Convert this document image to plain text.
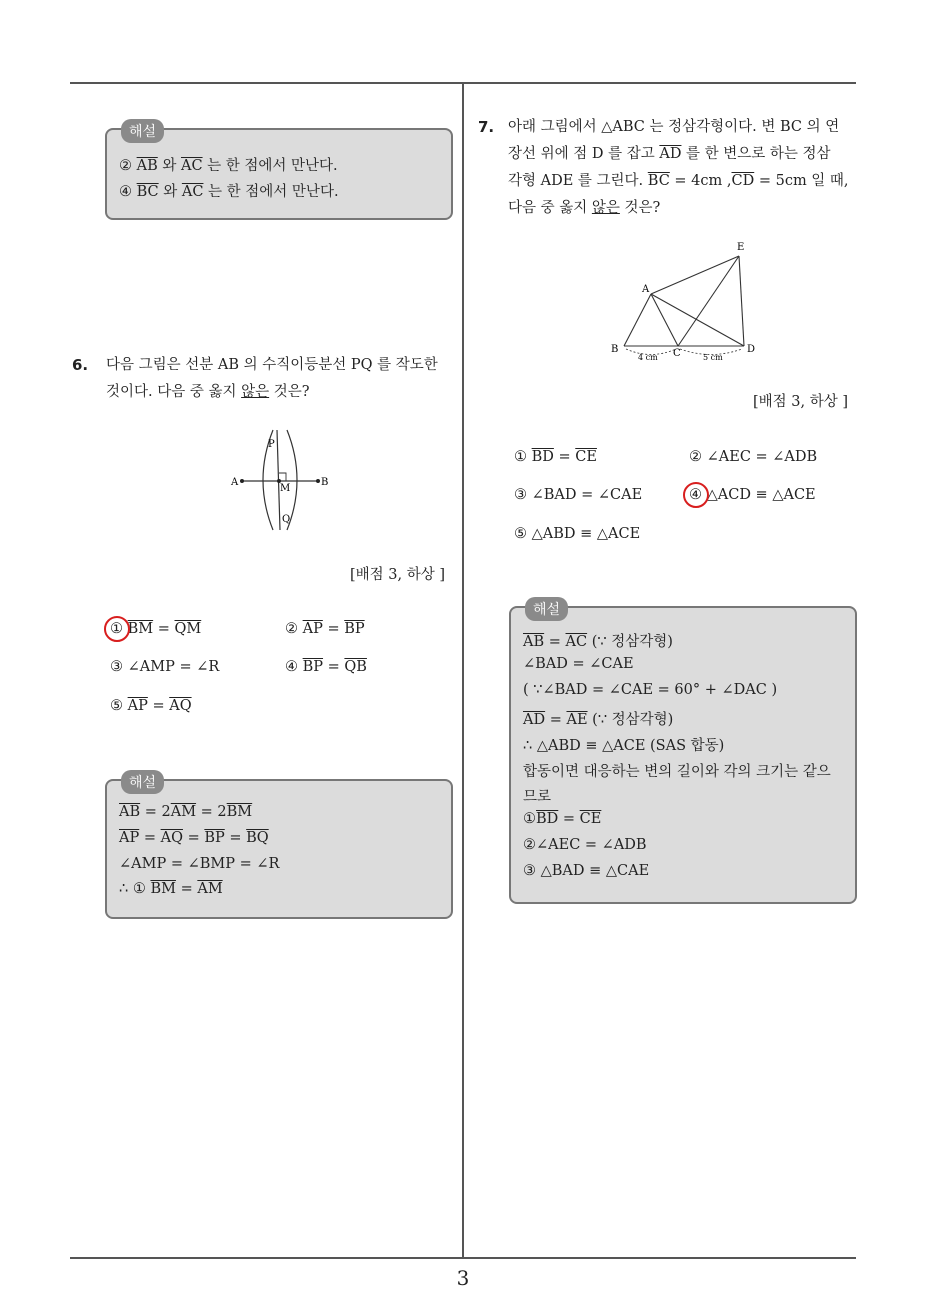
3
해설
② $\overline{AB}$ 와 $\overline{AC}$ 는 한 점에서 만난다.
④ $\overline{BC}$ 와 $\overline{AC}$ 는 한 점에서 만난다.
6. 다음 그림은 선분 AB 의 수직이등분선 PQ 를 작도한
것이다. 다음 중 옳지 않은 것은?
P
A
M
B
Q
[배점 3, 하상 ]
① $\overline{BM} = \overline{QM}$	② $\overline{AP} = \overline{BP}$
③ ∠AMP = ∠R	④ $\overline{BP} = \overline{QB}$
⑤ $\overline{AP} = \overline{AQ}$
해설
$\overline{AB} = 2\overline{AM} = 2\overline{BM}$
$\overline{AP} = \overline{AQ} = \overline{BP} = \overline{BQ}$
∠AMP = ∠BMP = ∠R
∴ ① $\overline{BM} = \overline{AM}$
7. 아래 그림에서 △ABC 는 정삼각형이다. 변 BC 의 연
장선 위에 점 D 를 잡고 $\overline{AD}$ 를 한 변으로 하는 정삼
각형 ADE 를 그린다. $\overline{BC} = 4cm$ $,\overline{CD} = 5cm$ 일 때,
다음 중 옳지 않은 것은?
E
A
B	C	D
4 cm	5 cm
[배점 3, 하상 ]
① $\overline{BD} = \overline{CE}$	② ∠AEC = ∠ADB
③ ∠BAD = ∠CAE	④ △ACD ≡ △ACE
⑤ △ABD ≡ △ACE
해설
$\overline{AB} = \overline{AC}$ (∵ 정삼각형)
∠BAD = ∠CAE
( ∵∠BAD = ∠CAE = 60° + ∠DAC )
$\overline{AD} = \overline{AE}$ (∵ 정삼각형)
∴ △ABD ≡ △ACE (SAS 합동)
합동이면 대응하는 변의 길이와 각의 크기는 같으
므로
$①\overline{BD} = \overline{CE}$
②∠AEC = ∠ADB
③ △BAD ≡ △CAE
